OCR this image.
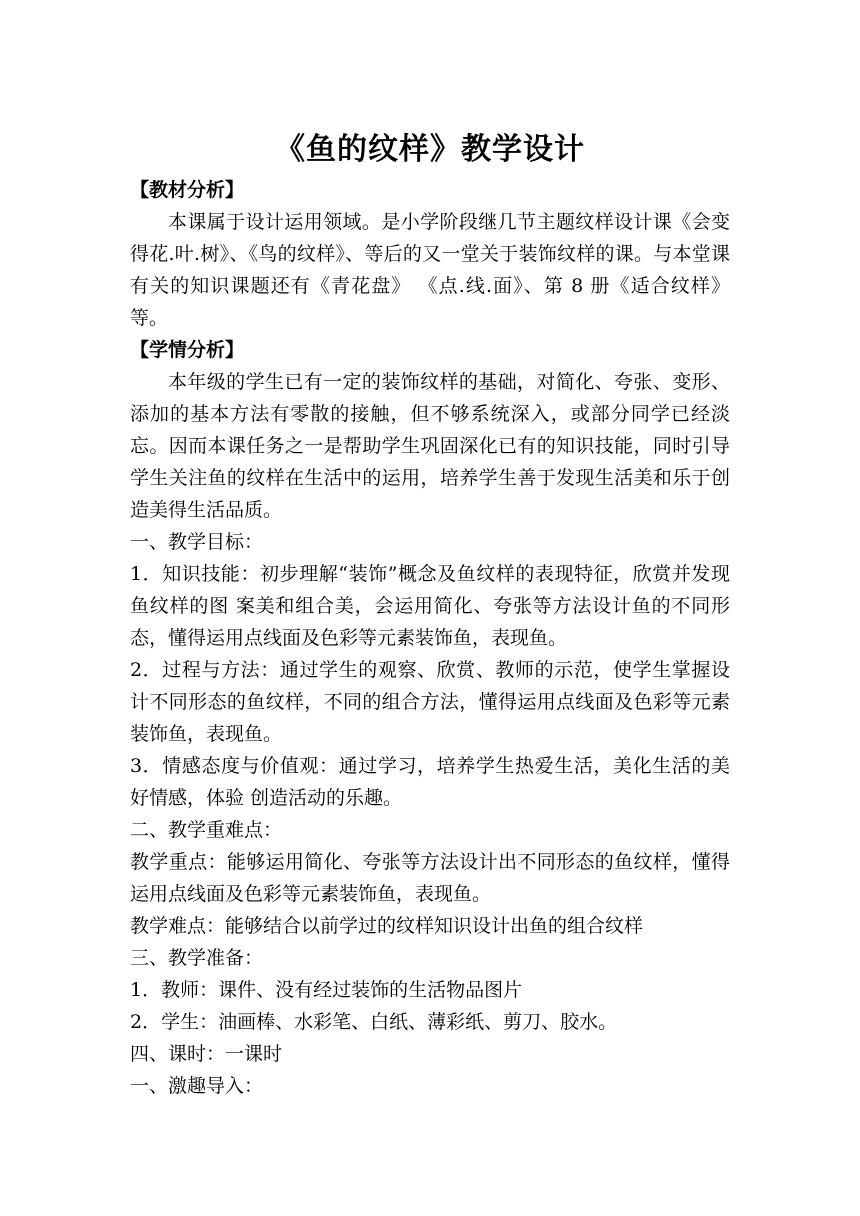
《鱼的纹样》教学设计

【教材分析】

本课属于设计运用领域。是小学阶段继几节主题纹样设计课《会变得花.叶.树》、《鸟的纹样》、等后的又一堂关于装饰纹样的课。与本堂课有关的知识课题还有《青花盘》 《点.线.面》、第 8 册《适合纹样》等。

【学情分析】

本年级的学生已有一定的装饰纹样的基础，对简化、夸张、变形、添加的基本方法有零散的接触，但不够系统深入，或部分同学已经淡忘。因而本课任务之一是帮助学生巩固深化已有的知识技能，同时引导学生关注鱼的纹样在生活中的运用，培养学生善于发现生活美和乐于创造美得生活品质。

一、教学目标：

1．知识技能：初步理解“装饰”概念及鱼纹样的表现特征，欣赏并发现鱼纹样的图 案美和组合美，会运用简化、夸张等方法设计鱼的不同形态，懂得运用点线面及色彩等元素装饰鱼，表现鱼。

2．过程与方法：通过学生的观察、欣赏、教师的示范，使学生掌握设计不同形态的鱼纹样，不同的组合方法，懂得运用点线面及色彩等元素装饰鱼，表现鱼。

3．情感态度与价值观：通过学习，培养学生热爱生活，美化生活的美好情感，体验 创造活动的乐趣。

二、教学重难点：

教学重点：能够运用简化、夸张等方法设计出不同形态的鱼纹样，懂得运用点线面及色彩等元素装饰鱼，表现鱼。

教学难点：能够结合以前学过的纹样知识设计出鱼的组合纹样

三、教学准备：

1．教师：课件、没有经过装饰的生活物品图片

2．学生：油画棒、水彩笔、白纸、薄彩纸、剪刀、胶水。

四、课时：一课时

一、激趣导入：
